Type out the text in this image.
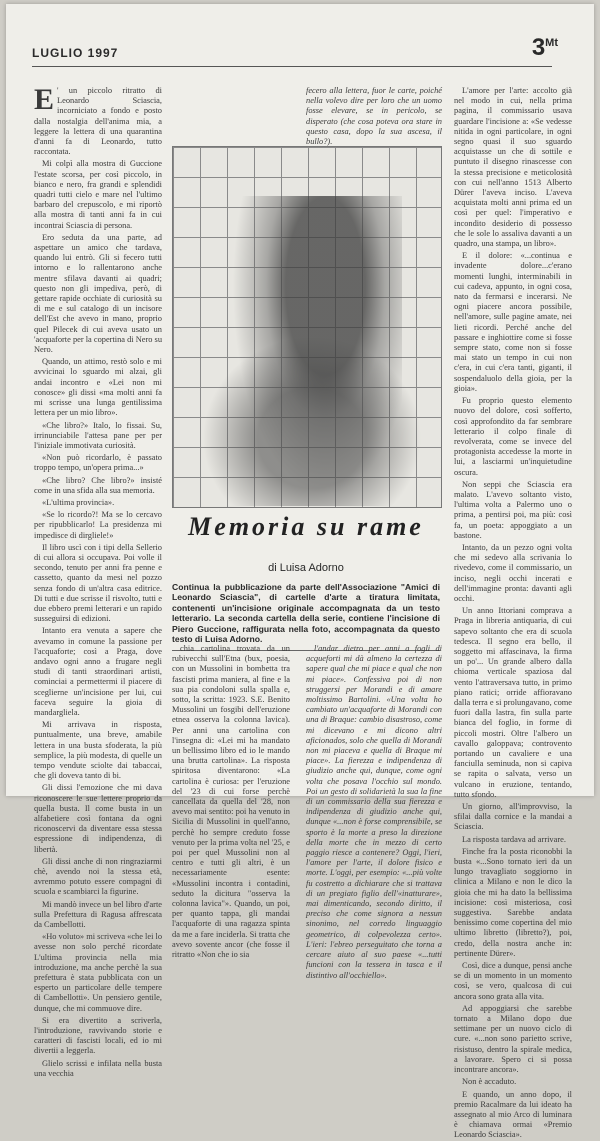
LUGLIO 1997	$3^{Mt}$
E ' un piccolo ritratto di Leonardo Sciascia, incorniciato a fondo e posto dalla nostalgia dell'anima mia, a leggere la lettera di una quarantina d'anni fa di Leonardo, tutto raccontata.

Mi colpì alla mostra di Guccione l'estate scorsa, per così piccolo, in bianco e nero, fra grandi e splendidi quadri tutti cielo e mare nel l'ultimo barbaro del crepuscolo, e mi riportò alla mostra di tanti anni fa in cui incontrai Sciascia di persona.

Ero seduta da una parte, ad aspettare un amico che tardava, quando lui entrò. Gli si fecero tutti intorno e lo rallentarono anche mentre sfilava davanti ai quadri; questo non gli impediva, però, di gettare rapide occhiate di curiosità su di me e sul catalogo di un incisore dell'Est che avevo in mano, proprio quel Pilecek di cui aveva usato un 'acquaforte per la copertina di Nero su Nero.

Quando, un attimo, restò solo e mi avvicinai lo sguardo mi alzai, gli andai incontro e «Lei non mi conosce» gli dissi «ma molti anni fa mi scrisse una lunga gentilissima lettera per un mio libro».

«Che libro?» Italo, lo fissai. Su, irrinunciabile l'attesa pane per per l'iniziale immotivata curiosità.

«Non può ricordarlo, è passato troppo tempo, un'opera prima...»

«Che libro? Che libro?» insisté come in una sfida alla sua memoria.

«L'ultima provincia».

«Se lo ricordo?! Ma se lo cercavo per ripubblicarlo! La presidenza mi impedisce di dirgliele!»

Il libro uscì con i tipi della Sellerio di cui allora si occupava. Poi volle il secondo, tenuto per anni fra penne e cassetto, quanto da mesi nel pozzo senza fondo di un'altra casa editrice. Di tutti e due scrisse il risvolto, tutti e due ebbero premi letterari e un rapido susseguirsi di edizioni.

Intanto era venuta a sapere che avevamo in comune la passione per l'acquaforte; così a Pragа, dove andavo ogni anno a frugare negli studi di tanti straordinari artisti, cominciai a permettermi il piacere di sceglierne un'incisione per lui, cui faceva seguire la gioia di mandargliela.

Mi arrivava in risposta, puntualmente, una breve, amabile lettera in una busta sfoderata, la più semplice, la più modesta, di quelle un tempo vendute sciolte dai tabaccai, che gli doveva tanto di bi.

Gli dissi l'emozione che mi dava riconoscere le sue lettere proprio da quella busta. Il come busta in un alfabetiere così fontana da ogni riconoscervi da diventare essa stessa espressione di indipendenza, di libertà.

Gli dissi anche di non ringraziarmi chè, avendo noi la stessa età, avremmo potuto essere compagni di scuola e scambiarci la figurine.

Mi mandò invece un bel libro d'arte sulla Prefettura di Ragusa affrescata da Cambellotti.

«Ho voluto» mi scriveva «che lei lo avesse non solo perché ricordate L'ultima provincia nella mia introduzione, ma anche perchè la sua prefettura è stata pubblicata con un esperto un particolare delle tempere di Cambellotti». Un pensiero gentile, dunque, che mi commuove dire.

Si era divertito a scriverla, l'introduzione, ravvivando storie e caratteri di fascisti locali, ed io mi divertii a leggerla.

Glielo scrissi e infilata nella busta una vecchia

fecero alla lettera, fuor le carte, poiché nella volevo dire per loro che un uomo fosse elevare, se in pericolo, se disperato (che cosa poteva ora stare in questo casa, dopo la sua ascesa, il bullo?).
Memoria su rame
di Luisa Adorno
Continua la pubblicazione da parte dell'Associazione "Amici di Leonardo Sciascia", di cartelle d'arte a tiratura limitata, contenenti un'incisione originale accompagnata da un testo letterario. La seconda cartella della serie, contiene l'incisione di Piero Guccione, raffigurata nella foto, accompagnata da questo testo di Luisa Adorno.

chia cartolina trovata da un rubivecchi sull'Etna (bux, poesia, con un Mussolini in bombetta tra fascisti prima maniera, al fine e la sua pia condoloni sulla spalla e, sotto, la scritta: 1923. S.E. Benito Mussolini un fosgibi dell'eruzione etnea osserva la colonna lavica). Per anni una cartolina con l'insegna di: «Lei mi ha mandato un bellissimo libro ed io le mando una brutta cartolina». La risposta spiritosa diventarono: «La cartolina è curiosa: per l'eruzione del '23 di cui forse perchè cancellata da quella del '28, non avevo mai sentito: poi ha venuto in Sicilia di Mussolini in quell'anno, perchè ho sempre creduto fosse venuto per la prima volta nel '25, e poi per quel Mussolini non al centro e tutti gli altri, è un necessariamente esente: «Mussolini incontra i contadini, seduto la dicitura "osserva la colonna lavica"». Quando, un poi, per quanto tappa, gli mandai l'acquaforte di una ragazza spinta da me a fare inciderla. Si tratta che avevo sovente ancor (che fosse il ritratto «Non che io sia

l'andar dietro per anni a fogli di acqueforti mi dà almeno la certezza di sapere qual che mi piace e qual che non mi piace». Confessiva poi di non struggersi per Morandi e di amare moltissimo Bartolini. «Una volta ho cambiato un'acquaforte di Morandi con una di Braque: cambio disastroso, come mi dicevano e mi dicono altri aficionados, solo che quella di Morandi non mi piaceva e quella di Braque mi piace». La fierezza e indipendenza di giudizio anche qui, dunque, come ogni volta che posava l'occhio sul mondo. Poi un gesto di solidarietà la sua la fine di un commissario della sua fierezza e indipendenza di giudizio anche qui, dunque «...non è forse comprensibile, se sporto è la morte a preso la direzione della morte che in mezzo di certo paggio riesce a contenere? Oggi, l'ieri, l'amore per l'arte, il dolore fisico e morte. L'oggi, per esempio: «...più volte fu costretto a dichiarare che si trattava di un pregiato figlio dell'«inatturare», mai dimenticando, secondo diritto, il preciso che come signora a nessun sinonimo, nel corredo linguaggio geometrico, di colpevolezza certo». L'ieri: l'ebreo perseguitato che torna a cercare aiuto al suo paese «...tutti funcioni con la tessera in tasca e il distintivo all'occhiello».

L'amore per l'arte: accolto già nel modo in cui, nella prima pagina, il commissario usava guardare l'incisione a: «Se vedesse nitida in ogni particolare, in ogni segno quasi il suo sguardo acquistasse un che di sottile e puntuto il disegno rinascesse con la stessa precisione e meticolosità con cui nell'anno 1513 Alberto Dürer l'aveva inciso. L'aveva acquistata molti anni prima ed un così per quel: l'imperativo e incondito desiderio di possesso che le sole lo assaliva davanti a un quadro, una stampa, un libro».

E il dolore: «...continua e invadente dolore...c'erano momenti lunghi, interminabili in cui cadeva, appunto, in ogni cosa, nato da fermarsi e incerarsi. Ne ogni piacere ancora possibile, nell'amore, sulle pagine amate, nei lieti ricordi. Perché anche del passare e inghiottire come si fosse sempre stato, come non si fosse mai stato un tempo in cui non c'era, in cui c'era tanti, giganti, il sospendaluolo della gioia, per la gioia».

Fu proprio questo elemento nuovo del dolore, così sofferto, così approfondito da far sembrare letterario il colpo finale di revolverata, come se invece del protagonista accedesse la morte in lui, a lasciarmi un'inquietudine oscura.

Non seppi che Sciascia era malato. L'avevo soltanto visto, l'ultima volta a Palermo uno o prima, a pentirsi poi, ma più: così fa, un poeta: appoggiato a un bastone.

Intanto, da un pezzo ogni volta che mi sedevo alla scrivania lo rivedevo, come il commissario, un inciso, negli occhi incerati e dell'immagine pronta: davanti agli occhi.

Un anno Ittoriani comprava a Praga in libreria antiquaria, di cui sapevo soltanto che era di scuola tedesca. Il segno era bello, il soggetto mi affascinava, la firma un po'... Un grande albero dalla chioma verticale spaziosa dal vento l'attraversava tutto, in primo piano ratici; orride affioravano dalla terra e si prolungavano, come fuori dalla lastra, fin sulla parte bianca del foglio, in forme di piccoli mostri. Oltre l'albero un cavallo galoppava; controvento portando un cavaliere e una fanciulla seminuda, non si capiva se rapita o salvata, verso un vulcano in eruzione, tentando, tutto sfondo.

Un giorno, all'improvviso, la sfilai dalla cornice e la mandai a Sciascia.

La risposta tardava ad arrivare.

Finche fra la posta riconobbi la busta «...Sono tornato ieri da un lungo travagliato soggiorno in clinica a Milano e non le dico la gioia che mi ha dato la bellissima incisione: così misteriosa, così suggestiva. Sarebbe andata benissimo come copertina del mio ultimo libretto (libretto?), poi, credo, della nostra anche in: pertinente Dürer».

Così, dice a dunque, pensi anche se di un momento in un momento così, se vero, qualcosa di cui ancora sono grata alla vita.

Ad appoggiarsi che sarebbe tornato a Milano dopo due settimane per un nuovo ciclo di cure. «...non sono parietto scrive, risistuso, dentro la spirale medica, a lavorare. Spero ci si possa incontrare ancora».

Non è accaduto.

E quando, un anno dopo, il premio Racalmare da lui ideato ha assegnato al mio Arco di luminara è chiamava ormai «Premio Leonardo Sciascia».
